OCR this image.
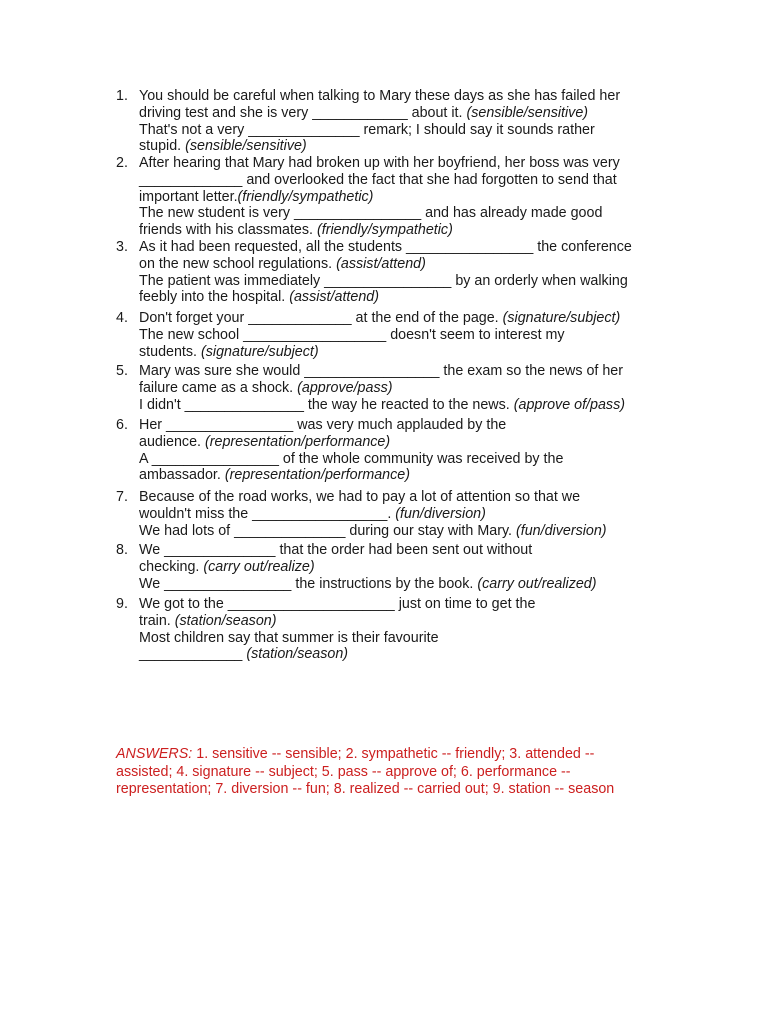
1. You should be careful when talking to Mary these days as she has failed her

driving test and she is very ____________ about it. (sensible/sensitive)

That's not a very ______________ remark; I should say it sounds rather

stupid. (sensible/sensitive)

2. After hearing that Mary had broken up with her boyfriend, her boss was very

_____________ and overlooked the fact that she had forgotten to send that

important letter.(friendly/sympathetic)

The new student is very ________________ and has already made good

friends with his classmates. (friendly/sympathetic)

3. As it had been requested, all the students ________________ the conference

on the new school regulations. (assist/attend)

The patient was immediately ________________ by an orderly when walking

feebly into the hospital. (assist/attend)

4. Don't forget your _____________ at the end of the page. (signature/subject)

The new school __________________ doesn't seem to interest my

students. (signature/subject)

5. Mary was sure she would _________________ the exam so the news of her

failure came as a shock. (approve/pass)

I didn't _______________ the way he reacted to the news. (approve of/pass)

6. Her ________________ was very much applauded by the

audience. (representation/performance)

A ________________ of the whole community was received by the

ambassador. (representation/performance)

7. Because of the road works, we had to pay a lot of attention so that we

wouldn't miss the _________________. (fun/diversion)

We had lots of ______________ during our stay with Mary. (fun/diversion)

8. We ______________ that the order had been sent out without

checking. (carry out/realize)

We ________________ the instructions by the book. (carry out/realized)

9. We got to the _____________________ just on time to get the

train. (station/season)

Most children say that summer is their favourite

_____________ (station/season)

ANSWERS: 1. sensitive -- sensible; 2. sympathetic -- friendly; 3. attended --

assisted; 4. signature -- subject; 5. pass -- approve of; 6. performance --

representation; 7. diversion -- fun; 8. realized -- carried out; 9. station -- season
